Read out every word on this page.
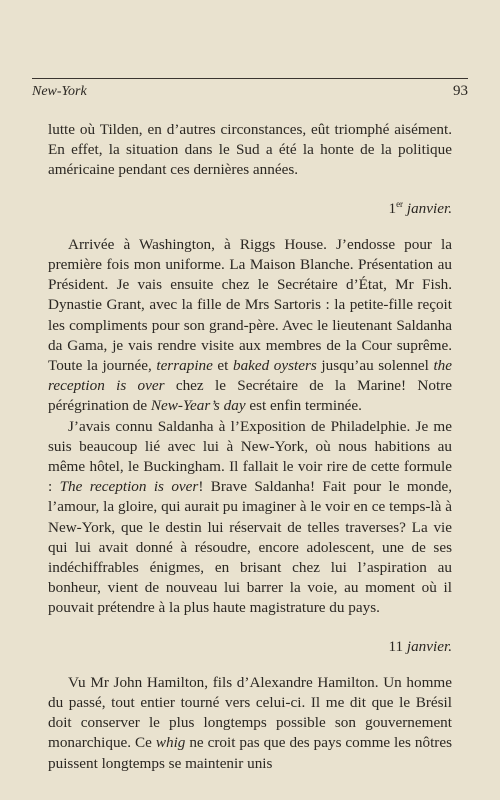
New-York	93

lutte où Tilden, en d’autres circonstances, eût triomphé aisément. En effet, la situation dans le Sud a été la honte de la politique américaine pendant ces dernières années.

1er janvier.

Arrivée à Washington, à Riggs House. J’endosse pour la première fois mon uniforme. La Maison Blanche. Présentation au Président. Je vais ensuite chez le Secrétaire d’État, Mr Fish. Dynastie Grant, avec la fille de Mrs Sartoris : la petite-fille reçoit les compliments pour son grand-père. Avec le lieutenant Saldanha da Gama, je vais rendre visite aux membres de la Cour suprême. Toute la journée, terrapine et baked oysters jusqu’au solennel the reception is over chez le Secrétaire de la Marine! Notre pérégrination de New-Year’s day est enfin terminée.

J’avais connu Saldanha à l’Exposition de Philadelphie. Je me suis beaucoup lié avec lui à New-York, où nous habitions au même hôtel, le Buckingham. Il fallait le voir rire de cette formule : The reception is over! Brave Saldanha! Fait pour le monde, l’amour, la gloire, qui aurait pu imaginer à le voir en ce temps-là à New-York, que le destin lui réservait de telles traverses? La vie qui lui avait donné à résoudre, encore adolescent, une de ses indéchiffrables énigmes, en brisant chez lui l’aspiration au bonheur, vient de nouveau lui barrer la voie, au moment où il pouvait prétendre à la plus haute magistrature du pays.

11 janvier.

Vu Mr John Hamilton, fils d’Alexandre Hamilton. Un homme du passé, tout entier tourné vers celui-ci. Il me dit que le Brésil doit conserver le plus longtemps possible son gouvernement monarchique. Ce whig ne croit pas que des pays comme les nôtres puissent longtemps se maintenir unis
